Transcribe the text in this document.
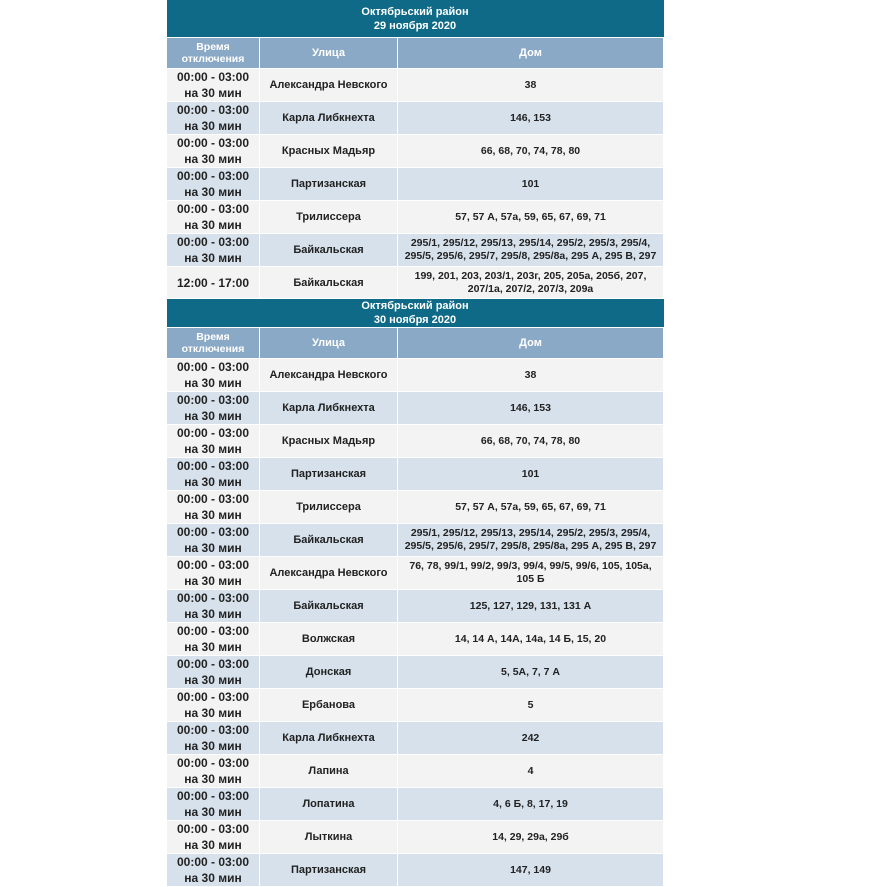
Октябрьский район
29 ноября 2020		

Время отключения	Улица	Дом
00:00 - 03:00 на 30 мин	Александра Невского	38
00:00 - 03:00 на 30 мин	Карла Либкнехта	146, 153
00:00 - 03:00 на 30 мин	Красных Мадьяр	66, 68, 70, 74, 78, 80
00:00 - 03:00 на 30 мин	Партизанская	101
00:00 - 03:00 на 30 мин	Трилиссера	57, 57 А, 57а, 59, 65, 67, 69, 71
00:00 - 03:00 на 30 мин	Байкальская	295/1, 295/12, 295/13, 295/14, 295/2, 295/3, 295/4, 295/5, 295/6, 295/7, 295/8, 295/8а, 295 А, 295 В, 297
12:00 - 17:00	Байкальская	199, 201, 203, 203/1, 203г, 205, 205а, 205б, 207, 207/1а, 207/2, 207/3, 209а
Октябрьский район
30 ноября 2020		

Время отключения	Улица	Дом
00:00 - 03:00 на 30 мин	Александра Невского	38
00:00 - 03:00 на 30 мин	Карла Либкнехта	146, 153
00:00 - 03:00 на 30 мин	Красных Мадьяр	66, 68, 70, 74, 78, 80
00:00 - 03:00 на 30 мин	Партизанская	101
00:00 - 03:00 на 30 мин	Трилиссера	57, 57 А, 57а, 59, 65, 67, 69, 71
00:00 - 03:00 на 30 мин	Байкальская	295/1, 295/12, 295/13, 295/14, 295/2, 295/3, 295/4, 295/5, 295/6, 295/7, 295/8, 295/8а, 295 А, 295 В, 297
00:00 - 03:00 на 30 мин	Александра Невского	76, 78, 99/1, 99/2, 99/3, 99/4, 99/5, 99/6, 105, 105а, 105 Б
00:00 - 03:00 на 30 мин	Байкальская	125, 127, 129, 131, 131 А
00:00 - 03:00 на 30 мин	Волжская	14, 14 А, 14А, 14а, 14 Б, 15, 20
00:00 - 03:00 на 30 мин	Донская	5, 5А, 7, 7 А
00:00 - 03:00 на 30 мин	Ербанова	5
00:00 - 03:00 на 30 мин	Карла Либкнехта	242
00:00 - 03:00 на 30 мин	Лапина	4
00:00 - 03:00 на 30 мин	Лопатина	4, 6 Б, 8, 17, 19
00:00 - 03:00 на 30 мин	Лыткина	14, 29, 29а, 29б
00:00 - 03:00 на 30 мин	Партизанская	147, 149
